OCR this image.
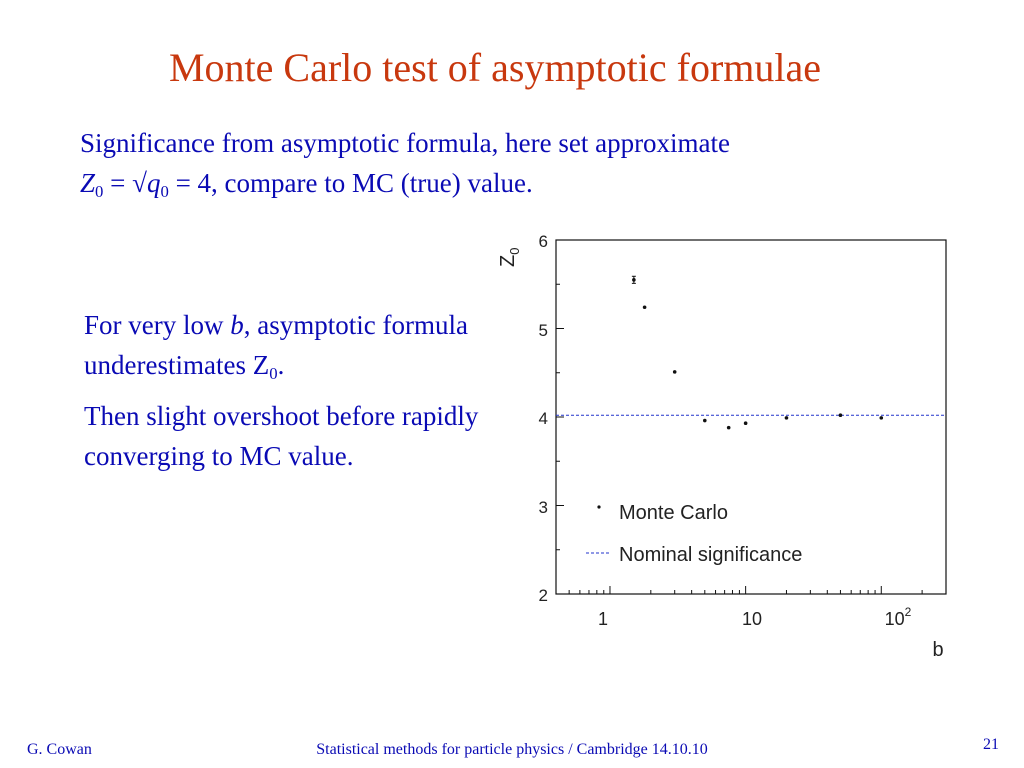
Monte Carlo test of asymptotic formulae
Significance from asymptotic formula, here set approximate
$Z_0 = √q_0 = 4$, compare to MC (true) value.

For very low b, asymptotic formula underestimates $Z_0$.

Then slight overshoot before rapidly converging to MC value.

$Z_0$
2
3
4
5
6
1	10	$10^2$
b
Monte Carlo
Nominal significance
G. Cowan	Statistical methods for particle physics / Cambridge 14.10.10	21
